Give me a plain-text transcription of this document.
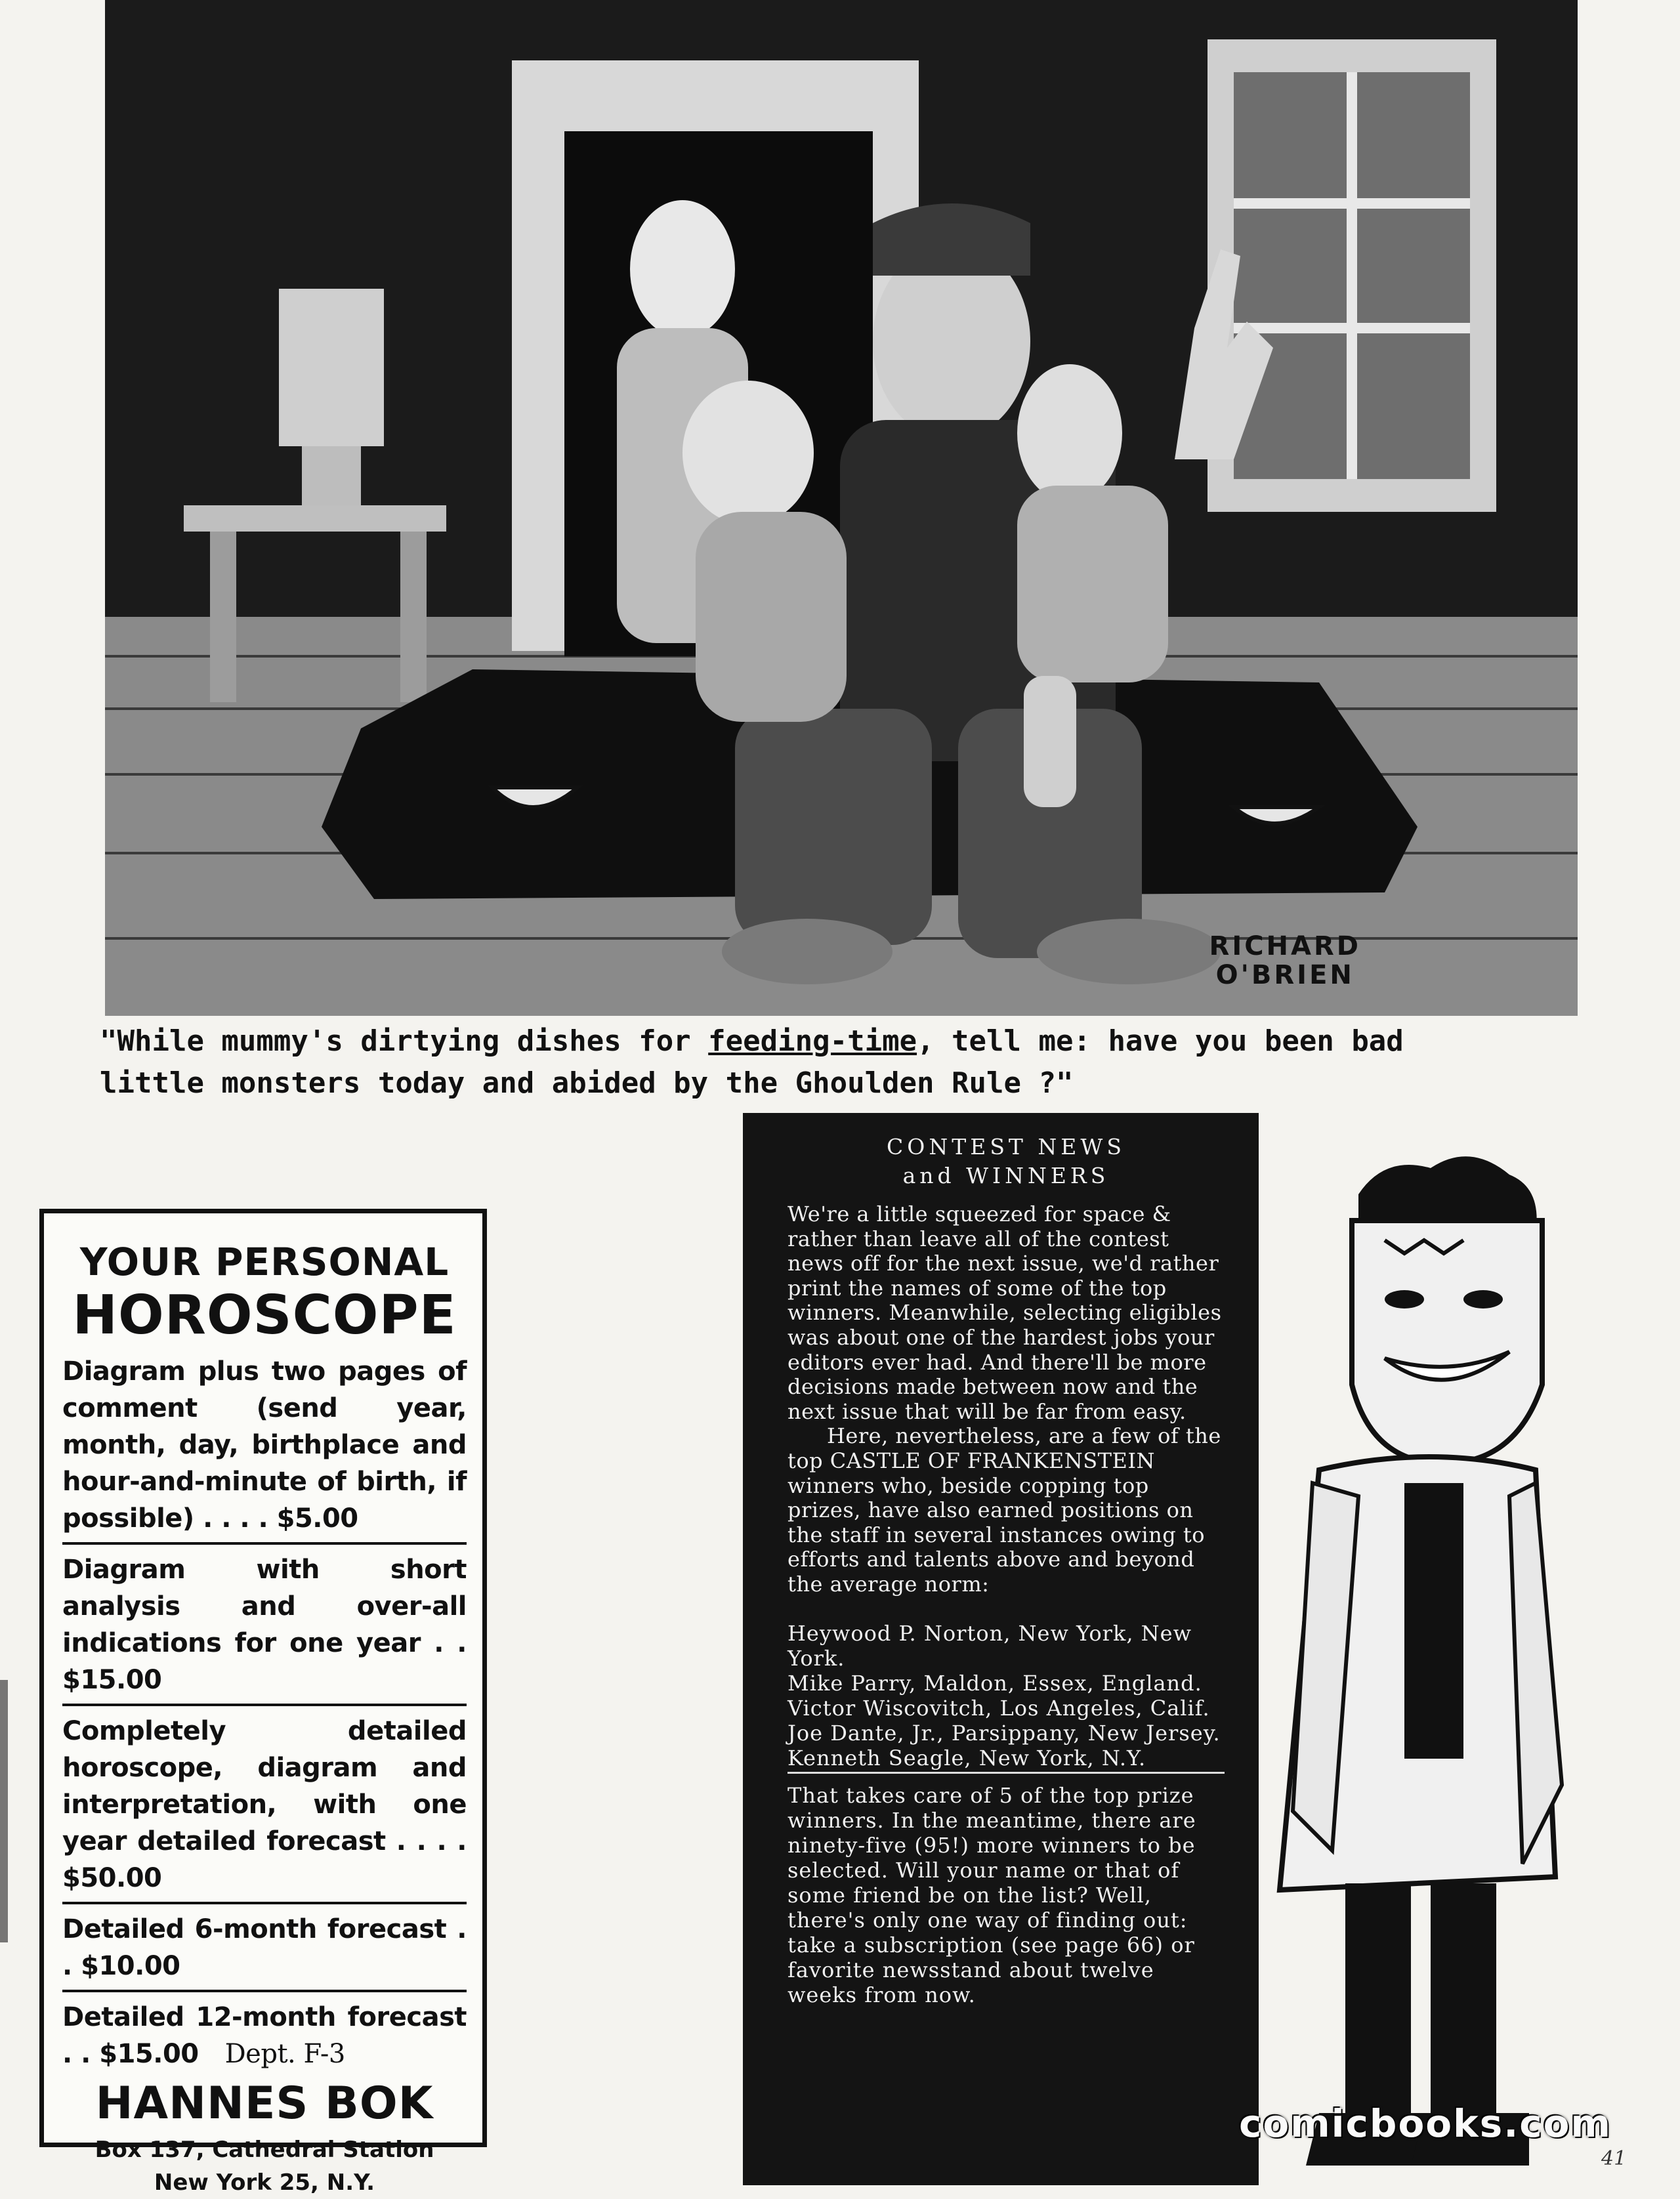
RICHARD
O'BRIEN

"While mummy's dirtying dishes for feeding-time, tell me: have you been bad little monsters today and abided by the Ghoulden Rule ?"

YOUR PERSONAL

HOROSCOPE

Diagram plus two pages of comment (send year, month, day, birthplace and hour-and-minute of birth, if possible) . . . . $5.00
Diagram with short analysis and over-all indications for one year . . $15.00
Completely detailed horoscope, diagram and interpretation, with one year detailed forecast . . . . $50.00
Detailed 6-month forecast . . $10.00
Detailed 12-month forecast . . $15.00 Dept. F-3

HANNES BOK

Box 137, Cathedral Station
New York 25, N.Y.

CONTEST NEWS
and WINNERS

We're a little squeezed for space & rather than leave all of the contest news off for the next issue, we'd rather print the names of some of the top winners. Meanwhile, selecting eligibles was about one of the hardest jobs your editors ever had. And there'll be more decisions made between now and the next issue that will be far from easy.

Here, nevertheless, are a few of the top CASTLE OF FRANKENSTEIN winners who, beside copping top prizes, have also earned positions on the staff in several instances owing to efforts and talents above and beyond the average norm:

Heywood P. Norton, New York, New York.
Mike Parry, Maldon, Essex, England.
Victor Wiscovitch, Los Angeles, Calif.
Joe Dante, Jr., Parsippany, New Jersey.
Kenneth Seagle, New York, N.Y.

That takes care of 5 of the top prize winners. In the meantime, there are ninety-five (95!) more winners to be selected. Will your name or that of some friend be on the list? Well, there's only one way of finding out: take a subscription (see page 66) or favorite newsstand about twelve weeks from now.

comicbooks.com
41
